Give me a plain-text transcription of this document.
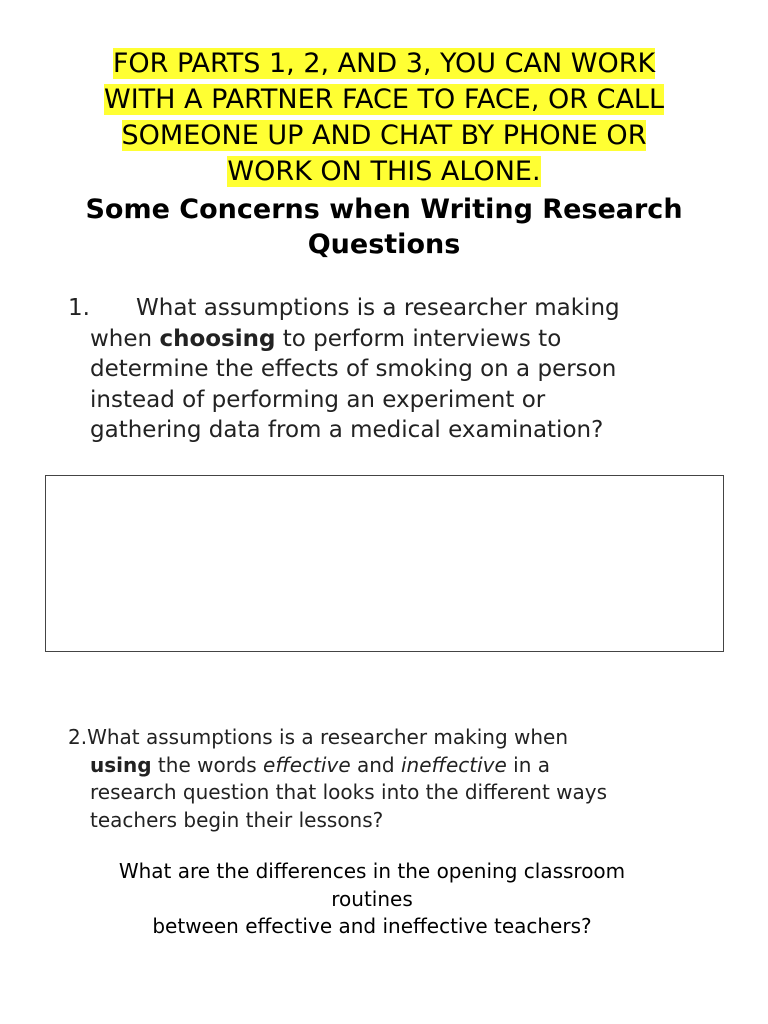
FOR PARTS 1, 2, AND 3, YOU CAN WORK
WITH A PARTNER FACE TO FACE, OR CALL
SOMEONE UP AND CHAT BY PHONE OR
WORK ON THIS ALONE.
Some Concerns when Writing Research
Questions
1. What assumptions is a researcher making
when choosing to perform interviews to
determine the effects of smoking on a person
instead of performing an experiment or
gathering data from a medical examination?
2.What assumptions is a researcher making when
using the words effective and ineffective in a
research question that looks into the different ways
teachers begin their lessons?
What are the differences in the opening classroom
routines
between effective and ineffective teachers?
